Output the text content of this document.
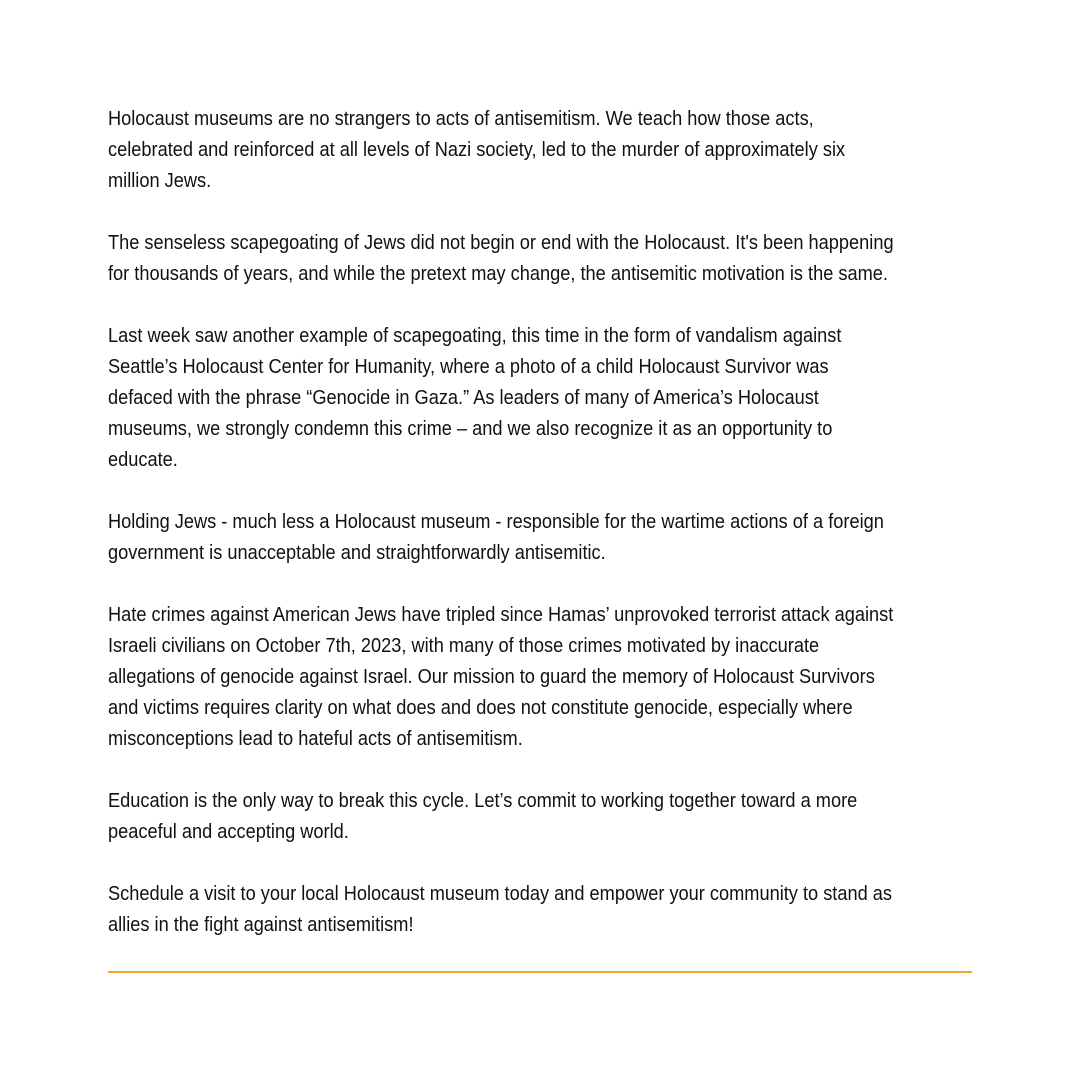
Holocaust museums are no strangers to acts of antisemitism. We teach how those acts,
celebrated and reinforced at all levels of Nazi society, led to the murder of approximately six
million Jews.

The senseless scapegoating of Jews did not begin or end with the Holocaust. It's been happening
for thousands of years, and while the pretext may change, the antisemitic motivation is the same.

Last week saw another example of scapegoating, this time in the form of vandalism against
Seattle’s Holocaust Center for Humanity, where a photo of a child Holocaust Survivor was
defaced with the phrase “Genocide in Gaza.” As leaders of many of America’s Holocaust
museums, we strongly condemn this crime – and we also recognize it as an opportunity to
educate.

Holding Jews - much less a Holocaust museum - responsible for the wartime actions of a foreign
government is unacceptable and straightforwardly antisemitic.

Hate crimes against American Jews have tripled since Hamas’ unprovoked terrorist attack against
Israeli civilians on October 7th, 2023, with many of those crimes motivated by inaccurate
allegations of genocide against Israel. Our mission to guard the memory of Holocaust Survivors
and victims requires clarity on what does and does not constitute genocide, especially where
misconceptions lead to hateful acts of antisemitism.

Education is the only way to break this cycle. Let’s commit to working together toward a more
peaceful and accepting world.

Schedule a visit to your local Holocaust museum today and empower your community to stand as
allies in the fight against antisemitism!
